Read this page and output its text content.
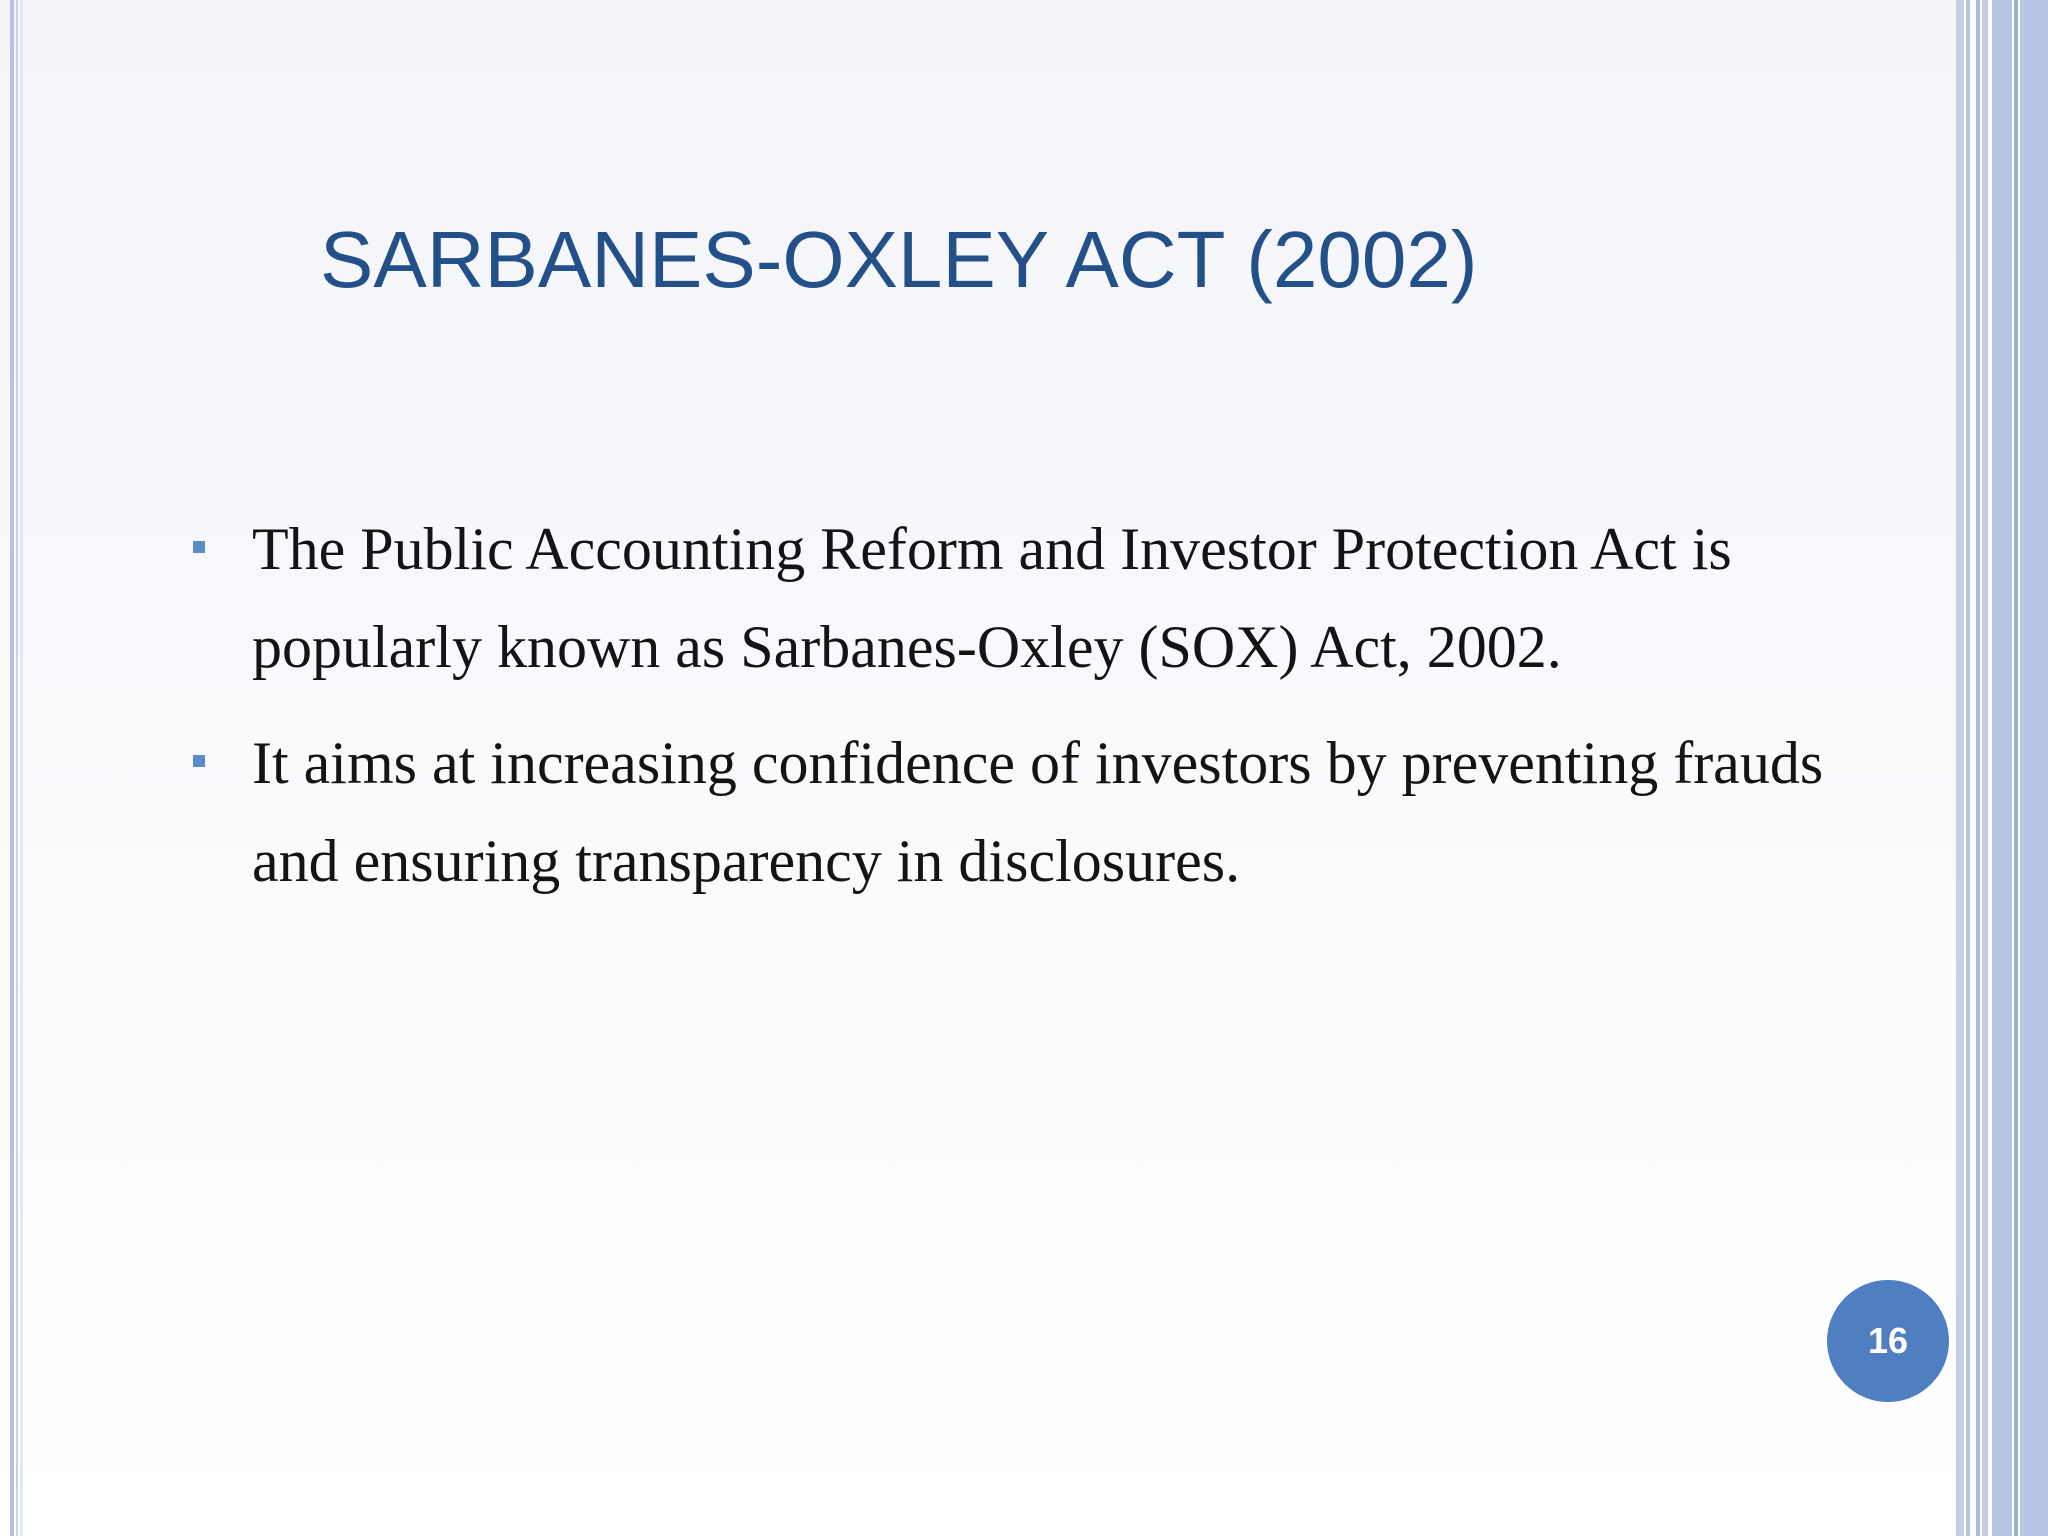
SARBANES-OXLEY ACT (2002)
The Public Accounting Reform and Investor Protection Act is popularly known as Sarbanes-Oxley (SOX) Act, 2002.
It aims at increasing confidence of investors by preventing frauds and ensuring transparency in disclosures.
16
